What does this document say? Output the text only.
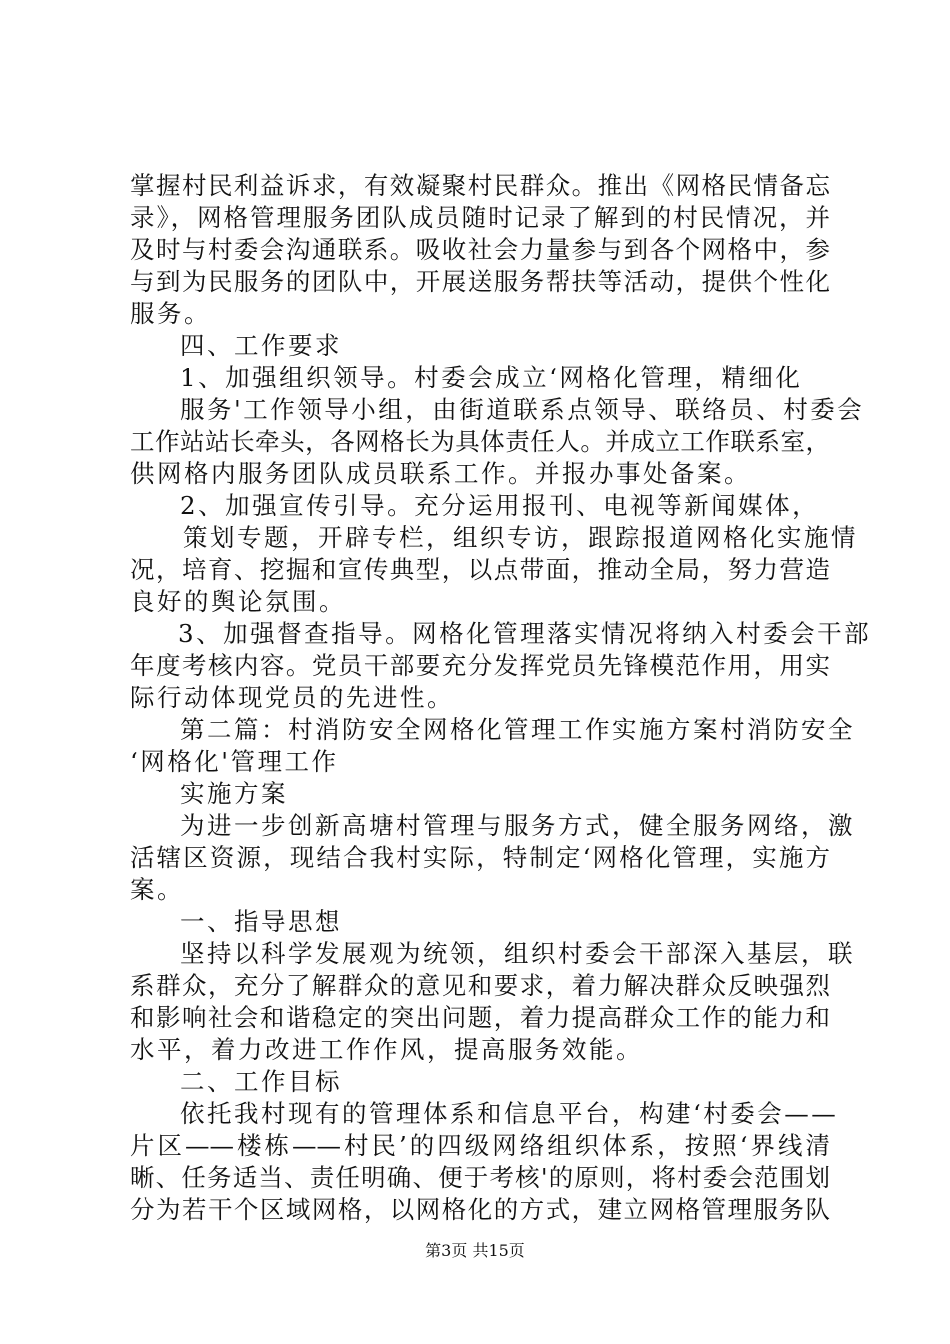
掌握村民利益诉求，有效凝聚村民群众。推出《网格民情备忘
录》，网格管理服务团队成员随时记录了解到的村民情况，并
及时与村委会沟通联系。吸收社会力量参与到各个网格中，参
与到为民服务的团队中，开展送服务帮扶等活动，提供个性化
服务。
四、工作要求
1、加强组织领导。村委会成立‘网格化管理，精细化
服务'工作领导小组，由街道联系点领导、联络员、村委会
工作站站长牵头，各网格长为具体责任人。并成立工作联系室，
供网格内服务团队成员联系工作。并报办事处备案。
2、加强宣传引导。充分运用报刊、电视等新闻媒体，
策划专题，开辟专栏，组织专访，跟踪报道网格化实施情
况，培育、挖掘和宣传典型，以点带面，推动全局，努力营造
良好的舆论氛围。
3、加强督查指导。网格化管理落实情况将纳入村委会干部
年度考核内容。党员干部要充分发挥党员先锋模范作用，用实
际行动体现党员的先进性。
第二篇：村消防安全网格化管理工作实施方案村消防安全
‘网格化'管理工作
实施方案
为进一步创新高塘村管理与服务方式，健全服务网络，激
活辖区资源，现结合我村实际，特制定‘网格化管理，实施方
案。
一、指导思想
坚持以科学发展观为统领，组织村委会干部深入基层，联
系群众，充分了解群众的意见和要求，着力解决群众反映强烈
和影响社会和谐稳定的突出问题，着力提高群众工作的能力和
水平，着力改进工作作风，提高服务效能。
二、工作目标
依托我村现有的管理体系和信息平台，构建‘村委会——
片区——楼栋——村民’的四级网络组织体系，按照‘界线清
晰、任务适当、责任明确、便于考核'的原则，将村委会范围划
分为若干个区域网格，以网格化的方式，建立网格管理服务队
第3页 共15页
